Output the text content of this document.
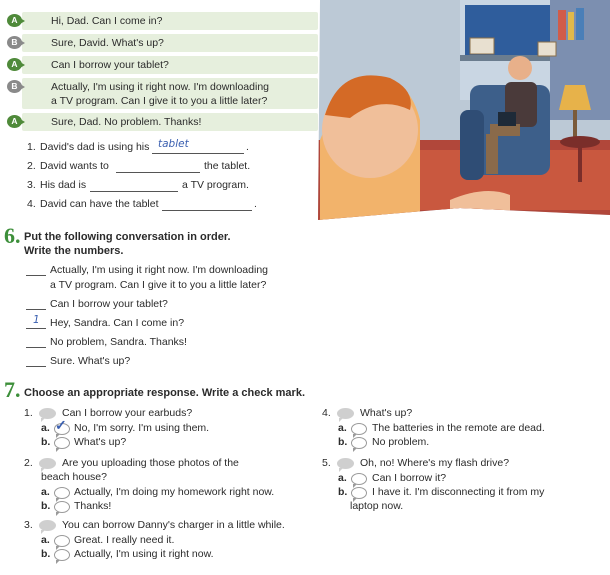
A	Hi, Dad. Can I come in?
B	Sure, David. What's up?
A	Can I borrow your tablet?
B	Actually, I'm using it right now. I'm downloading
a TV program. Can I give it to you a little later?
A	Sure, Dad. No problem. Thanks!
1. David's dad is using his tablet	.
2. David wants to	the tablet.
3. His dad is	a TV program.
4. David can have the tablet	.
6. Put the following conversation in order.
Write the numbers.
Actually, I'm using it right now. I'm downloading
a TV program. Can I give it to you a little later?
Can I borrow your tablet?
1 Hey, Sandra. Can I come in?
No problem, Sandra. Thanks!
Sure. What's up?
7. Choose an appropriate response. Write a check mark.
1.	Can I borrow your earbuds?
a. ✓ No, I'm sorry. I'm using them.
b. What's up?
2.	Are you uploading those photos of the
beach house?
a. Actually, I'm doing my homework right now.
b. Thanks!
3.	You can borrow Danny's charger in a little while.
a. Great. I really need it.
b. Actually, I'm using it right now.
4.	What's up?
a. The batteries in the remote are dead.
b. No problem.
5.	Oh, no! Where's my flash drive?
a. Can I borrow it?
b. I have it. I'm disconnecting it from my
laptop now.
